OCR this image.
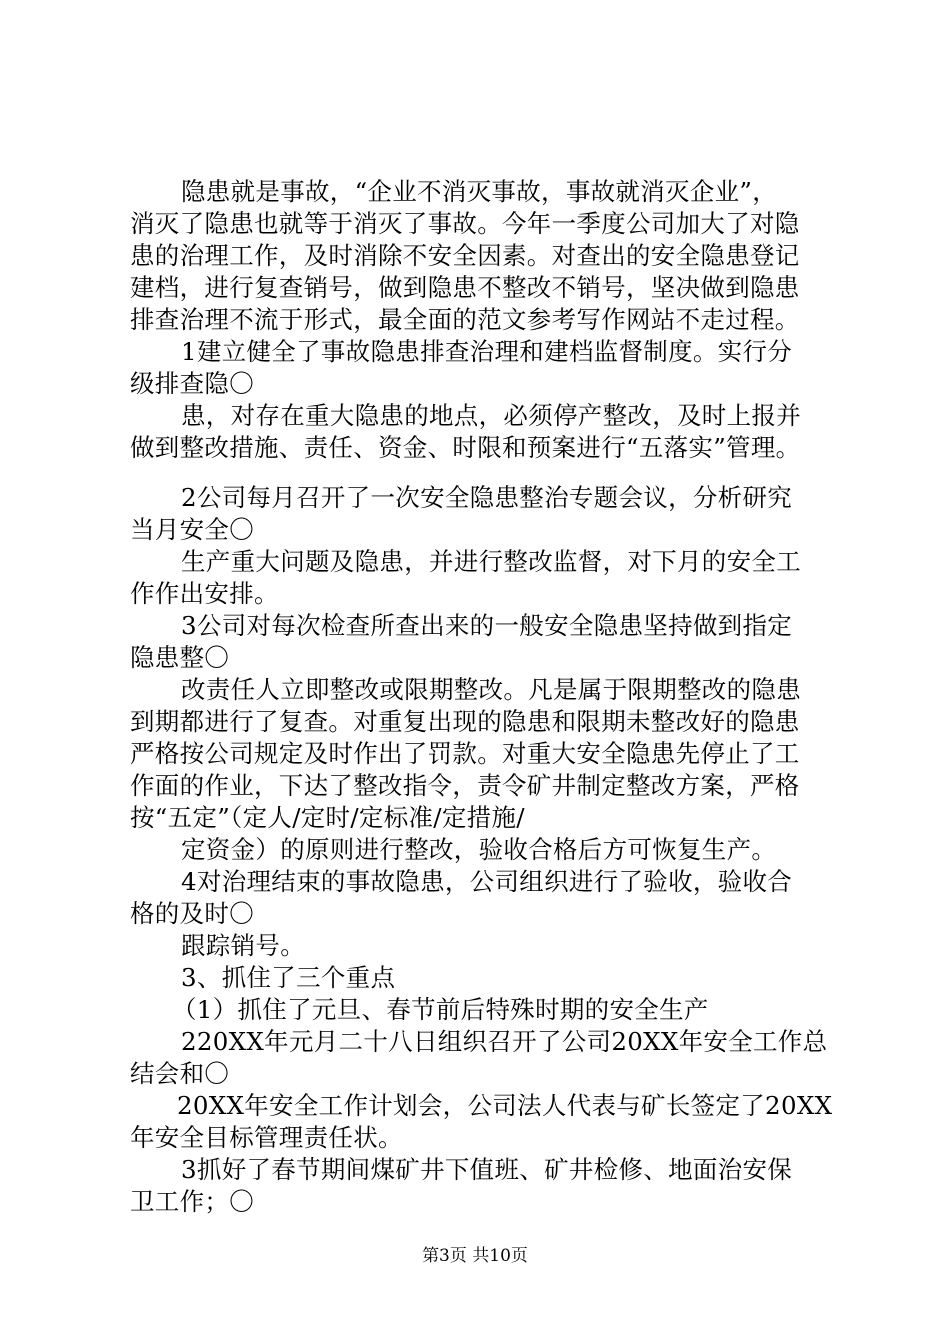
隐患就是事故，“企业不消灭事故，事故就消灭企业”，
消灭了隐患也就等于消灭了事故。今年一季度公司加大了对隐
患的治理工作，及时消除不安全因素。对查出的安全隐患登记
建档，进行复查销号，做到隐患不整改不销号，坚决做到隐患
排查治理不流于形式，最全面的范文参考写作网站不走过程。
1建立健全了事故隐患排查治理和建档监督制度。实行分
级排查隐〇
患，对存在重大隐患的地点，必须停产整改，及时上报并
做到整改措施、责任、资金、时限和预案进行“五落实”管理。
2公司每月召开了一次安全隐患整治专题会议，分析研究
当月安全〇
生产重大问题及隐患，并进行整改监督，对下月的安全工
作作出安排。
3公司对每次检查所查出来的一般安全隐患坚持做到指定
隐患整〇
改责任人立即整改或限期整改。凡是属于限期整改的隐患
到期都进行了复查。对重复出现的隐患和限期未整改好的隐患
严格按公司规定及时作出了罚款。对重大安全隐患先停止了工
作面的作业，下达了整改指令，责令矿井制定整改方案，严格
按“五定”（定人/定时/定标准/定措施/
定资金）的原则进行整改，验收合格后方可恢复生产。
4对治理结束的事故隐患，公司组织进行了验收，验收合
格的及时〇
跟踪销号。
3、抓住了三个重点
（1）抓住了元旦、春节前后特殊时期的安全生产
220XX年元月二十八日组织召开了公司20XX年安全工作总
结会和〇
20XX年安全工作计划会，公司法人代表与矿长签定了20XX
年安全目标管理责任状。
3抓好了春节期间煤矿井下值班、矿井检修、地面治安保
卫工作；〇
第3页 共10页
